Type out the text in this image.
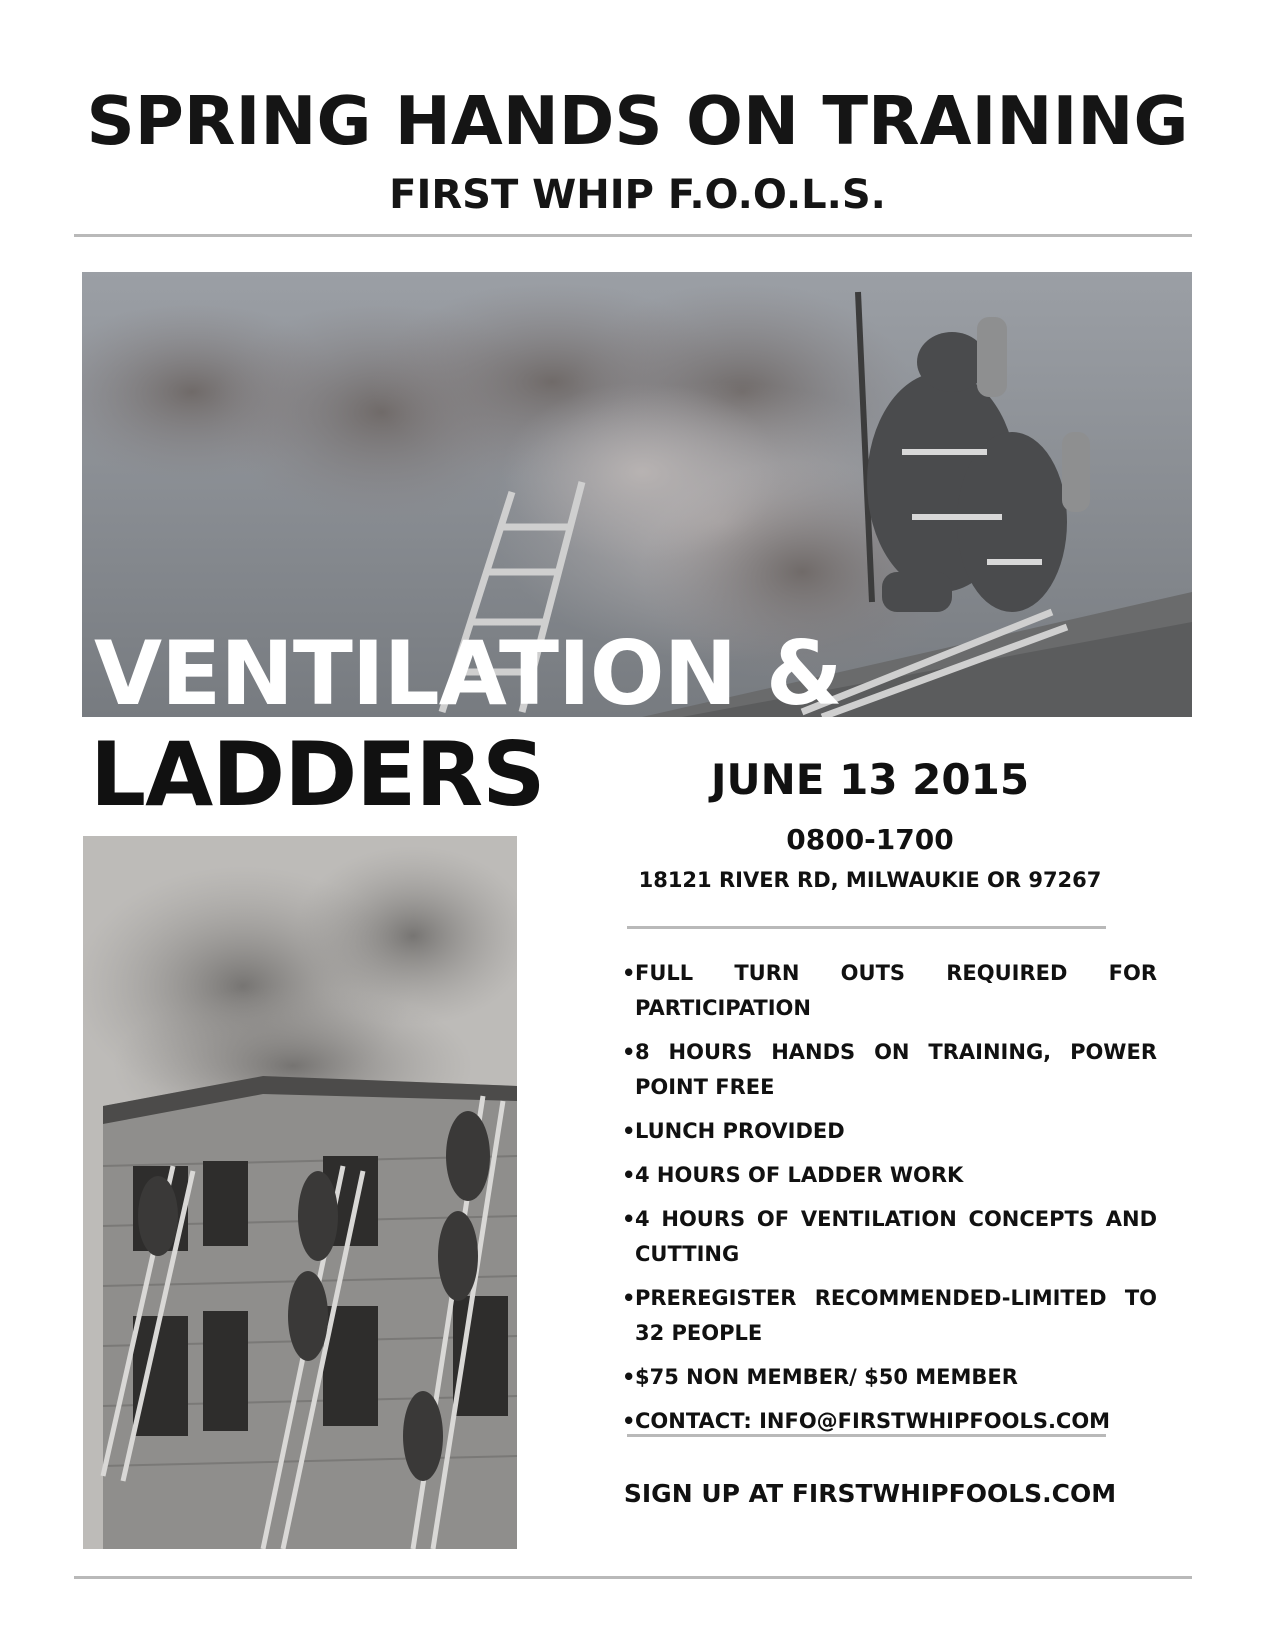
SPRING HANDS ON TRAINING
FIRST WHIP F.O.O.L.S.
VENTILATION &
LADDERS	JUNE 13 2015
0800-1700
18121 RIVER RD, MILWAUKIE OR 97267
•FULL TURN OUTS REQUIRED FOR PARTICIPATION
•8 HOURS HANDS ON TRAINING, POWER POINT FREE
•LUNCH PROVIDED
•4 HOURS OF LADDER WORK
•4 HOURS OF VENTILATION CONCEPTS AND CUTTING
•PREREGISTER RECOMMENDED-LIMITED TO 32 PEOPLE
•$75 NON MEMBER/ $50 MEMBER
•CONTACT: INFO@FIRSTWHIPFOOLS.COM
SIGN UP AT FIRSTWHIPFOOLS.COM
